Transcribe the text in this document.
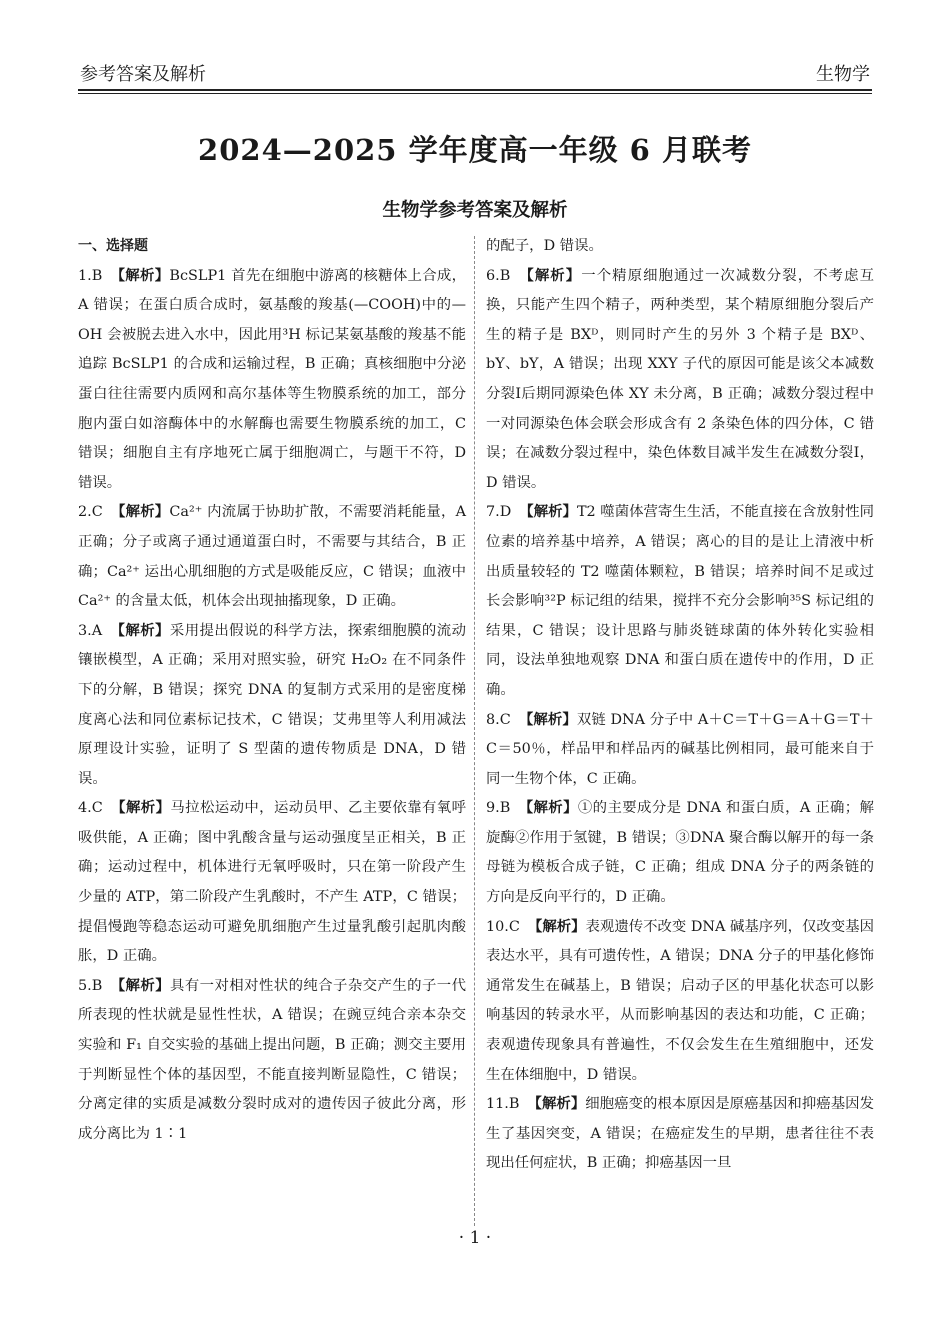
参考答案及解析	生物学
2024—2025 学年度高一年级 6 月联考
生物学参考答案及解析
一、选择题
1.B 【解析】BcSLP1 首先在细胞中游离的核糖体上合成，A 错误；在蛋白质合成时，氨基酸的羧基(—COOH)中的—OH 会被脱去进入水中，因此用³H 标记某氨基酸的羧基不能追踪 BcSLP1 的合成和运输过程，B 正确；真核细胞中分泌蛋白往往需要内质网和高尔基体等生物膜系统的加工，部分胞内蛋白如溶酶体中的水解酶也需要生物膜系统的加工，C 错误；细胞自主有序地死亡属于细胞凋亡，与题干不符，D 错误。
2.C 【解析】Ca²⁺ 内流属于协助扩散，不需要消耗能量，A 正确；分子或离子通过通道蛋白时，不需要与其结合，B 正确；Ca²⁺ 运出心肌细胞的方式是吸能反应，C 错误；血液中 Ca²⁺ 的含量太低，机体会出现抽搐现象，D 正确。
3.A 【解析】采用提出假说的科学方法，探索细胞膜的流动镶嵌模型，A 正确；采用对照实验，研究 H₂O₂ 在不同条件下的分解，B 错误；探究 DNA 的复制方式采用的是密度梯度离心法和同位素标记技术，C 错误；艾弗里等人利用减法原理设计实验，证明了 S 型菌的遗传物质是 DNA，D 错误。
4.C 【解析】马拉松运动中，运动员甲、乙主要依靠有氧呼吸供能，A 正确；图中乳酸含量与运动强度呈正相关，B 正确；运动过程中，机体进行无氧呼吸时，只在第一阶段产生少量的 ATP，第二阶段产生乳酸时，不产生 ATP，C 错误；提倡慢跑等稳态运动可避免肌细胞产生过量乳酸引起肌肉酸胀，D 正确。
5.B 【解析】具有一对相对性状的纯合子杂交产生的子一代所表现的性状就是显性性状，A 错误；在豌豆纯合亲本杂交实验和 F₁ 自交实验的基础上提出问题，B 正确；测交主要用于判断显性个体的基因型，不能直接判断显隐性，C 错误；分离定律的实质是减数分裂时成对的遗传因子彼此分离，形成分离比为 1∶1
的配子，D 错误。
6.B 【解析】一个精原细胞通过一次减数分裂，不考虑互换，只能产生四个精子，两种类型，某个精原细胞分裂后产生的精子是 BXᴰ，则同时产生的另外 3 个精子是 BXᴰ、bY、bY，A 错误；出现 XXY 子代的原因可能是该父本减数分裂Ⅰ后期同源染色体 XY 未分离，B 正确；减数分裂过程中一对同源染色体会联会形成含有 2 条染色体的四分体，C 错误；在减数分裂过程中，染色体数目减半发生在减数分裂Ⅰ，D 错误。
7.D 【解析】T2 噬菌体营寄生生活，不能直接在含放射性同位素的培养基中培养，A 错误；离心的目的是让上清液中析出质量较轻的 T2 噬菌体颗粒，B 错误；培养时间不足或过长会影响³²P 标记组的结果，搅拌不充分会影响³⁵S 标记组的结果，C 错误；设计思路与肺炎链球菌的体外转化实验相同，设法单独地观察 DNA 和蛋白质在遗传中的作用，D 正确。
8.C 【解析】双链 DNA 分子中 A＋C＝T＋G＝A＋G＝T＋C＝50％，样品甲和样品丙的碱基比例相同，最可能来自于同一生物个体，C 正确。
9.B 【解析】①的主要成分是 DNA 和蛋白质，A 正确；解旋酶②作用于氢键，B 错误；③DNA 聚合酶以解开的每一条母链为模板合成子链，C 正确；组成 DNA 分子的两条链的方向是反向平行的，D 正确。
10.C 【解析】表观遗传不改变 DNA 碱基序列，仅改变基因表达水平，具有可遗传性，A 错误；DNA 分子的甲基化修饰通常发生在碱基上，B 错误；启动子区的甲基化状态可以影响基因的转录水平，从而影响基因的表达和功能，C 正确；表观遗传现象具有普遍性，不仅会发生在生殖细胞中，还发生在体细胞中，D 错误。
11.B 【解析】细胞癌变的根本原因是原癌基因和抑癌基因发生了基因突变，A 错误；在癌症发生的早期，患者往往不表现出任何症状，B 正确；抑癌基因一旦
· 1 ·
